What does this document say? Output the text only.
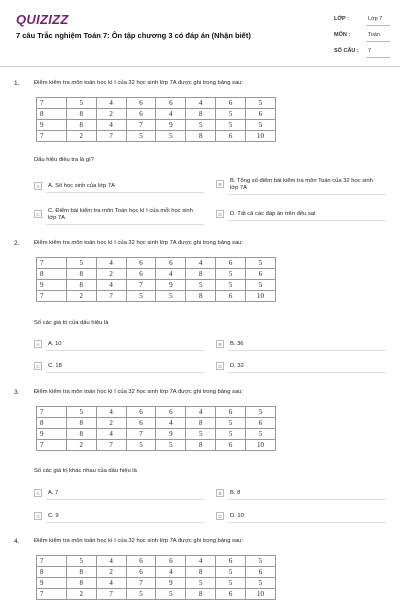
QUIZIZZ
7 câu Trắc nghiệm Toán 7: Ôn tập chương 3 có đáp án (Nhận biết)
LỚP :	Lớp 7
MÔN :	Toán
SỐ CÂU : 7
1.	Điểm kiểm tra môn toán học kì I của 32 học sinh lớp 7A được ghi trong bảng sau:
7	5	4	6	6	4	6	5
8	8	2	6	4	8	5	6
9	8	4	7	9	5	5	5
7	2	7	5	5	8	6	10
Dấu hiệu điều tra là gì?
A	A. Số học sinh của lớp 7A	B
B. Tổng số điểm bài kiểm tra môn Toán của 32 học sinh lớp 7A
C
C. Điểm bài kiểm tra môn Toán học kì I của mỗi học sinh lớp 7A
D	D. Tất cả các đáp án trên đều sai
2.	Điểm kiểm tra môn toán học kì I của 32 học sinh lớp 7A được ghi trong bảng sau:
7	5	4	6	6	4	6	5
8	8	2	6	4	8	5	6
9	8	4	7	9	5	5	5
7	2	7	5	5	8	6	10
Số các giá trị của dấu hiệu là
A	A. 10	B	B. 36
C	C. 18	D	D. 32
3.	Điểm kiểm tra môn toán học kì I của 32 học sinh lớp 7A được ghi trong bảng sau:
7	5	4	6	6	4	6	5
8	8	2	6	4	8	5	6
9	8	4	7	9	5	5	5
7	2	7	5	5	8	6	10
Số các giá trị khác nhau của dấu hiệu là
A	A. 7	B	B. 8
C	C. 9	D	D. 10
4.	Điểm kiểm tra môn toán học kì I của 32 học sinh lớp 7A được ghi trong bảng sau:
7	5	4	6	6	4	6	5
8	8	2	6	4	8	5	6
9	8	4	7	9	5	5	5
7	2	7	5	5	8	6	10
